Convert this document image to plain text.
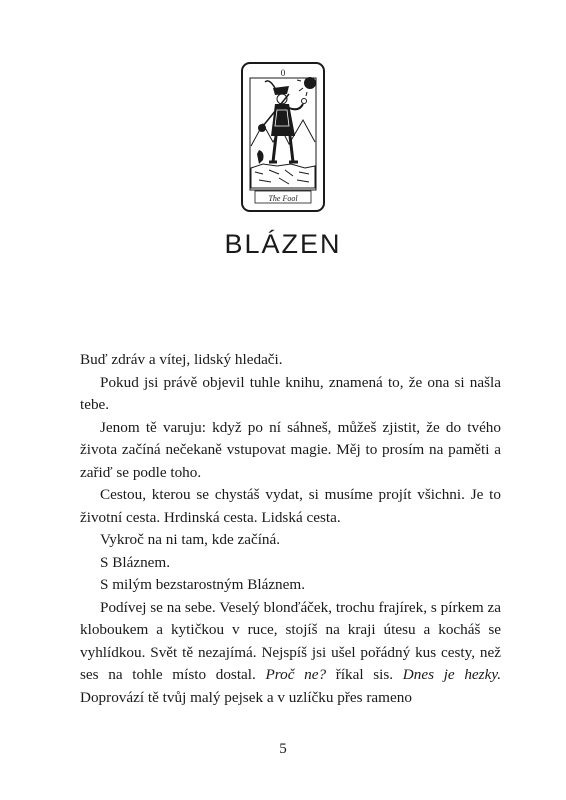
0
The Fool
BLÁZEN

Buď zdráv a vítej, lidský hledači.

Pokud jsi právě objevil tuhle knihu, znamená to, že ona si našla tebe.

Jenom tě varuju: když po ní sáhneš, můžeš zjistit, že do tvého života začíná nečekaně vstupovat magie. Měj to prosím na paměti a zařiď se podle toho.

Cestou, kterou se chystáš vydat, si musíme projít všichni. Je to životní cesta. Hrdinská cesta. Lidská cesta.

Vykroč na ni tam, kde začíná.

S Bláznem.

S milým bezstarostným Bláznem.

Podívej se na sebe. Veselý blonďáček, trochu frajírek, s pírkem za kloboukem a kytičkou v ruce, stojíš na kraji útesu a kocháš se vyhlídkou. Svět tě nezajímá. Nejspíš jsi ušel pořádný kus cesty, než ses na tohle místo dostal. Proč ne? říkal sis. Dnes je hezky. Doprovází tě tvůj malý pejsek a v uzlíčku přes rameno

5
